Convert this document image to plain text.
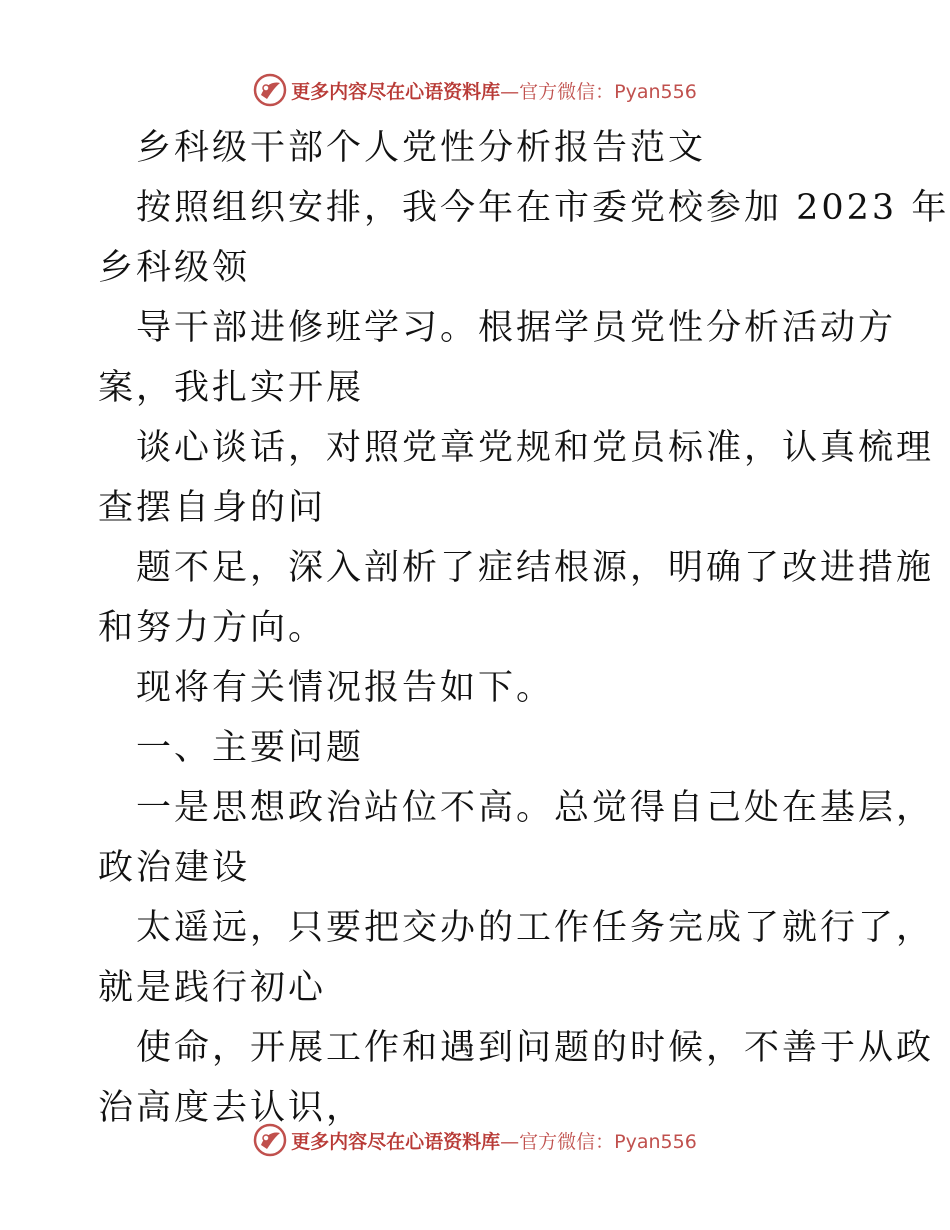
更多内容尽在心语资料库—官方微信：Pyan556
乡科级干部个人党性分析报告范文
按照组织安排，我今年在市委党校参加 2023 年
乡科级领
导干部进修班学习。根据学员党性分析活动方
案，我扎实开展
谈心谈话，对照党章党规和党员标准，认真梳理
查摆自身的问
题不足，深入剖析了症结根源，明确了改进措施
和努力方向。
现将有关情况报告如下。
一、主要问题
一是思想政治站位不高。总觉得自己处在基层，
政治建设
太遥远，只要把交办的工作任务完成了就行了，
就是践行初心
使命，开展工作和遇到问题的时候，不善于从政
治高度去认识，
更多内容尽在心语资料库—官方微信：Pyan556
